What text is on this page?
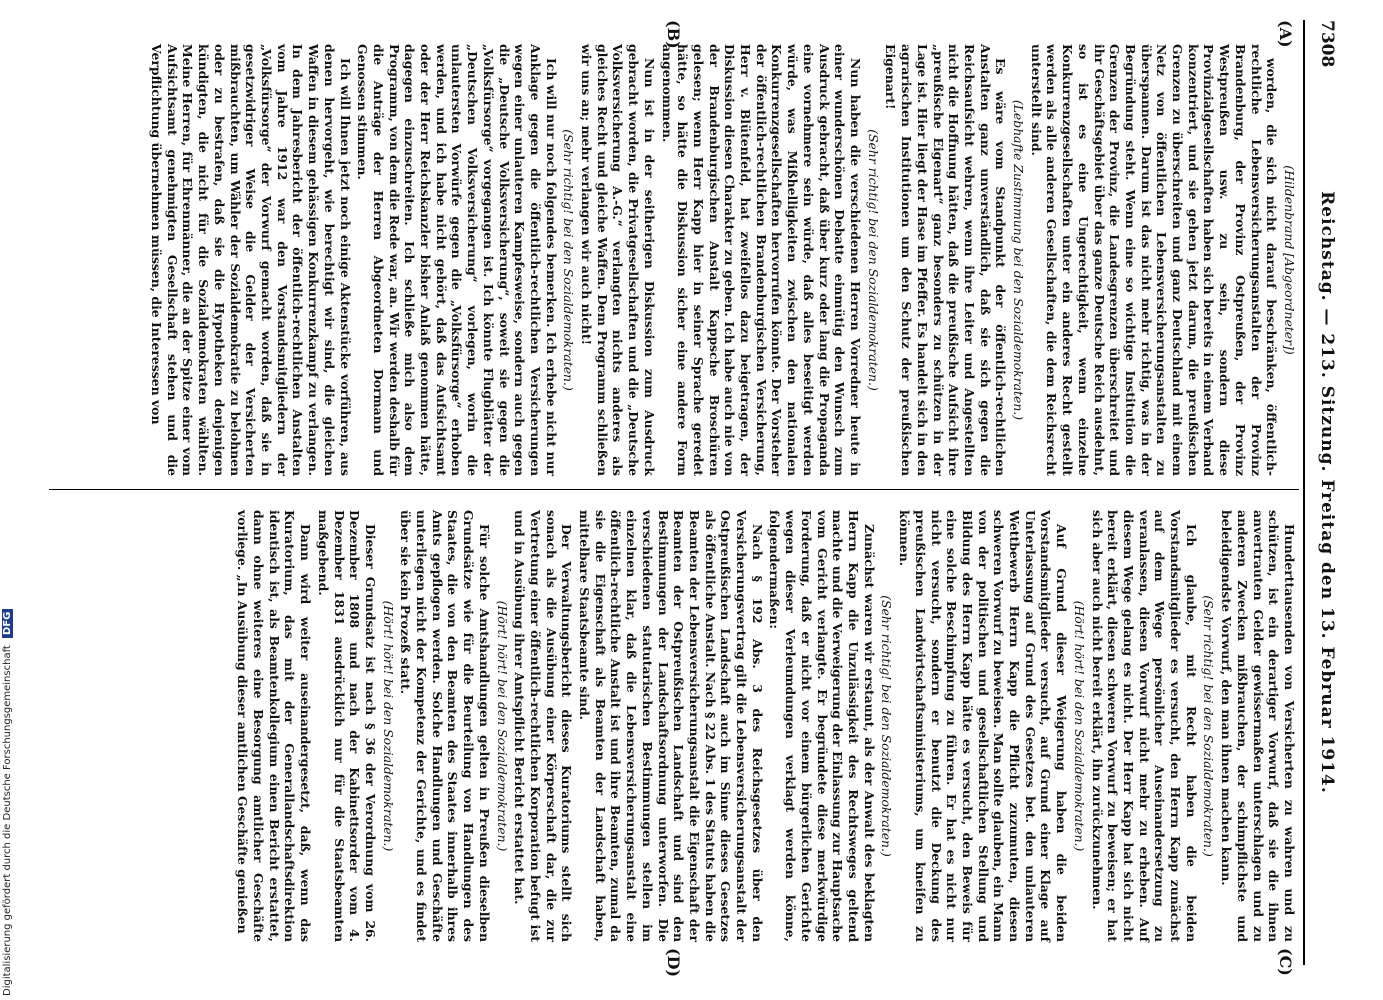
7308
Reichstag. — 213. Sitzung. Freitag den 13. Februar 1914.
(A)
(B)
(C)
(D)

(Hildenbrand [Abgeordneter])

worden, die sich nicht darauf beschränken, öffentlich-rechtliche Lebensversicherungsanstalten der Provinz Brandenburg, der Provinz Ostpreußen, der Provinz Westpreußen usw. zu sein, sondern diese Provinzialgesellschaften haben sich bereits in einem Verband konzentriert, und sie gehen jetzt darum, die preußischen Grenzen zu überschreiten und ganz Deutschland mit einem Netz von öffentlichen Lebensversicherungsanstalten zu überspannen. Darum ist das nicht mehr richtig, was in der Begründung steht. Wenn eine so wichtige Institution die Grenzen der Provinz, die Landesgrenzen überschreitet und ihr Geschäftsgebiet über das ganze Deutsche Reich ausdehnt, so ist es eine Ungerechtigkeit, wenn einzelne Konkurrenzgesellschaften unter ein anderes Recht gestellt werden als alle anderen Gesellschaften, die dem Reichsrecht unterstellt sind.

(Lebhafte Zustimmung bei den Sozialdemokraten.)

Es wäre vom Standpunkt der öffentlich-rechtlichen Anstalten ganz unverständlich, daß sie sich gegen die Reichsaufsicht wehren, wenn ihre Leiter und Angestellten nicht die Hoffnung hätten, daß die preußische Aufsicht ihre „preußische Eigenart“ ganz besonders zu schützen in der Lage ist. Hier liegt der Hase im Pfeffer. Es handelt sich in den agrarischen Institutionen um den Schutz der preußischen Eigenart!

(Sehr richtig! bei den Sozialdemokraten.)

Nun haben die verschiedenen Herren Vorredner heute in einer wunderschönen Debatte einmütig den Wunsch zum Ausdruck gebracht, daß über kurz oder lang die Propaganda eine vornehmere sein würde, daß alles beseitigt werden würde, was Mißhelligkeiten zwischen den nationalen Konkurrenzgesellschaften hervorrufen könnte. Der Vorsteher der öffentlich-rechtlichen Brandenburgischen Versicherung, Herr v. Blütenfeld, hat zweifellos dazu beigetragen, der Diskussion diesen Charakter zu geben. Ich habe auch nie von der Brandenburgischen Anstalt Kappsche Broschüren gelesen; wenn Herr Kapp hier in seiner Sprache geredet hätte, so hätte die Diskussion sicher eine andere Form angenommen.

Nun ist in der seitherigen Diskussion zum Ausdruck gebracht worden, die Privatgesellschaften und die „Deutsche Volksversicherung A.-G.“ verlangten nichts anderes als gleiches Recht und gleiche Waffen. Dem Programm schließen wir uns an; mehr verlangen wir auch nicht!

(Sehr richtig! bei den Sozialdemokraten.)

Ich will nur noch folgendes bemerken. Ich erhebe nicht nur Anklage gegen die öffentlich-rechtlichen Versicherungen wegen einer unlauteren Kampfesweise, sondern auch gegen die „Deutsche Volksversicherung“, soweit sie gegen die „Volksfürsorge“ vorgegangen ist. Ich könnte Flugblätter der „Deutschen Volksversicherung“ vorlegen, worin die unlautersten Vorwürfe gegen die „Volksfürsorge“ erhoben werden, und ich habe nicht gehört, daß das Aufsichtsamt oder der Herr Reichskanzler bisher Anlaß genommen hätte, dagegen einzuschreiten. Ich schließe mich also dem Programm, von dem die Rede war, an. Wir werden deshalb für die Anträge der Herren Abgeordneten Dormann und Genossen stimmen.

Ich will Ihnen jetzt noch einige Aktenstücke vorführen, aus denen hervorgeht, wie berechtigt wir sind, die gleichen Waffen in diesem gehässigen Konkurrenzkampf zu verlangen. In dem Jahresbericht der öffentlich-rechtlichen Anstalten vom Jahre 1912 war den Vorstandsmitgliedern der „Volksfürsorge“ der Vorwurf gemacht worden, daß sie in gesetzwidriger Weise die Gelder der Versicherten mißbrauchten, um Wähler der Sozialdemokratie zu belohnen oder zu bestrafen, daß sie die Hypotheken denjenigen kündigten, die nicht für die Sozialdemokraten wählten. Meine Herren, für Ehrenmänner, die an der Spitze einer vom Aufsichtsamt genehmigten Gesellschaft stehen und die Verpflichtung übernehmen müssen, die Interessen von

Hunderttausenden von Versicherten zu wahren und zu schützen, ist ein derartiger Vorwurf, daß sie die ihnen anvertrauten Gelder gewissermaßen unterschlagen und zu anderen Zwecken mißbrauchen, der schimpflichste und beleidigendste Vorwurf, den man ihnen machen kann.

(Sehr richtig! bei den Sozialdemokraten.)

Ich glaube, mit Recht haben die beiden Vorstandsmitglieder es versucht, den Herrn Kapp zunächst auf dem Wege persönlicher Auseinandersetzung zu veranlassen, diesen Vorwurf nicht mehr zu erheben. Auf diesem Wege gelang es nicht. Der Herr Kapp hat sich nicht bereit erklärt, diesen schweren Vorwurf zu beweisen; er hat sich aber auch nicht bereit erklärt, ihn zurückzunehmen.

(Hört! hört! bei den Sozialdemokraten.)

Auf Grund dieser Weigerung haben die beiden Vorstandsmitglieder versucht, auf Grund einer Klage auf Unterlassung auf Grund des Gesetzes bet. den unlauteren Wettbewerb Herrn Kapp die Pflicht zuzumuten, diesen schweren Vorwurf zu beweisen. Man sollte glauben, ein Mann von der politischen und gesellschaftlichen Stellung und Bildung des Herrn Kapp hätte es versucht, den Beweis für eine solche Beschimpfung zu führen. Er hat es nicht nur nicht versucht, sondern er benutzt die Deckung des preußischen Landwirtschaftsministeriums, um kneifen zu können.

(Sehr richtig! bei den Sozialdemokraten.)

Zunächst waren wir erstaunt, als der Anwalt des beklagten Herrn Kapp die Unzulässigkeit des Rechtsweges geltend machte und die Verweigerung der Einlassung zur Hauptsache vom Gericht verlangte. Er begründete diese merkwürdige Forderung, daß er nicht vor einem bürgerlichen Gerichte wegen dieser Verleumdungen verklagt werden könne, folgendermaßen:

Nach § 192 Abs. 3 des Reichsgesetzes über den Versicherungsvertrag gilt die Lebensversicherungsanstalt der Ostpreußischen Landschaft auch im Sinne dieses Gesetzes als öffentliche Anstalt. Nach § 22 Abs. 1 des Statuts haben die Beamten der Lebensversicherungsanstalt die Eigenschaft der Beamten der Ostpreußischen Landschaft und sind den Bestimmungen der Landschaftsordnung unterworfen. Die verschiedenen statutarischen Bestimmungen stellen im einzelnen klar, daß die Lebensversicherungsanstalt eine öffentlich-rechtliche Anstalt ist und ihre Beamten, zumal da sie die Eigenschaft als Beamten der Landschaft haben, mittelbare Staatsbeamte sind.

Der Verwaltungsbericht dieses Kuratoriums stellt sich sonach als die Ausübung einer Körperschaft dar, die zur Vertretung einer öffentlich-rechtlichen Korporation befugt ist und in Ausübung ihrer Amtspflicht Bericht erstattet hat.

(Hört! hört! bei den Sozialdemokraten.)

Für solche Amtshandlungen gelten in Preußen dieselben Grundsätze wie für die Beurteilung von Handlungen des Staates, die von den Beamten des Staates innerhalb ihres Amts gepflogen werden. Solche Handlungen und Geschäfte unterliegen nicht der Kompetenz der Gerichte, und es findet über sie kein Prozeß statt.

(Hört! hört! bei den Sozialdemokraten.)

Dieser Grundsatz ist nach § 36 der Verordnung vom 26. Dezember 1808 und nach der Kabinettsorder vom 4. Dezember 1831 ausdrücklich nur für die Staatsbeamten maßgebend.

Dann wird weiter auseinandergesetzt, daß, wenn das Kuratorium, das mit der Generallandschaftsdirektion identisch ist, als Beamtenkollegium einen Bericht erstattet, dann ohne weiteres eine Besorgung amtlicher Geschäfte vorliege. „In Ausübung dieser amtlichen Geschäfte genießen

Digitalisierung gefördert durch die Deutsche Forschungsgemeinschaft DFG
